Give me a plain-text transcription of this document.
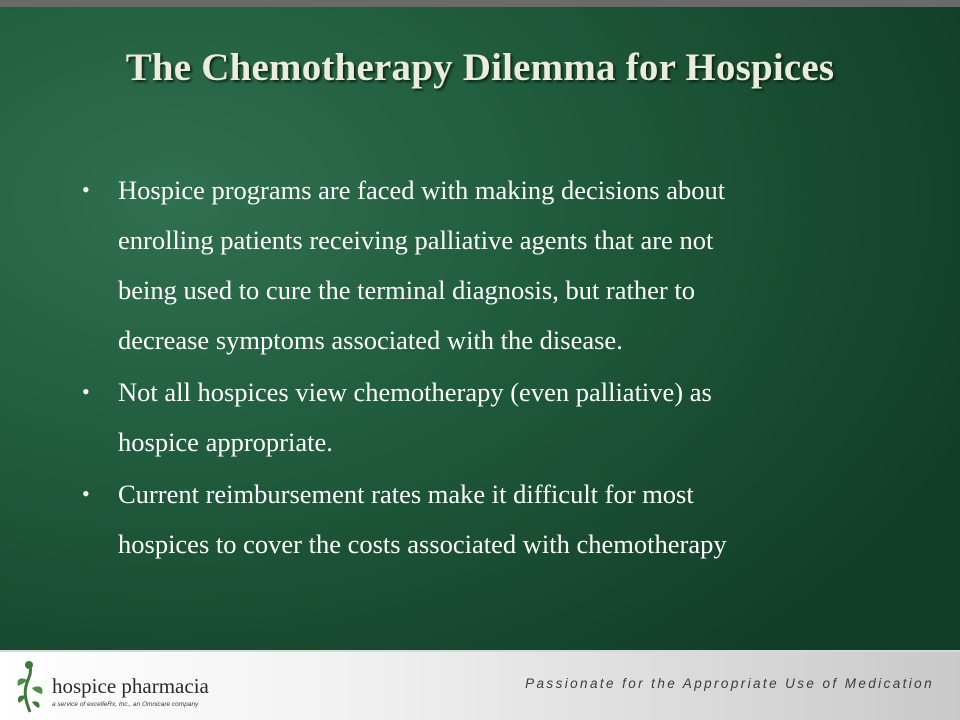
The Chemotherapy Dilemma for Hospices
• Hospice programs are faced with making decisions about
enrolling patients receiving palliative agents that are not
being used to cure the terminal diagnosis, but rather to
decrease symptoms associated with the disease.
• Not all hospices view chemotherapy (even palliative) as
hospice appropriate.
• Current reimbursement rates make it difficult for most
hospices to cover the costs associated with chemotherapy
hospice pharmacia
a service of excelleRx, Inc., an Omnicare company
Passionate for the Appropriate Use of Medication
